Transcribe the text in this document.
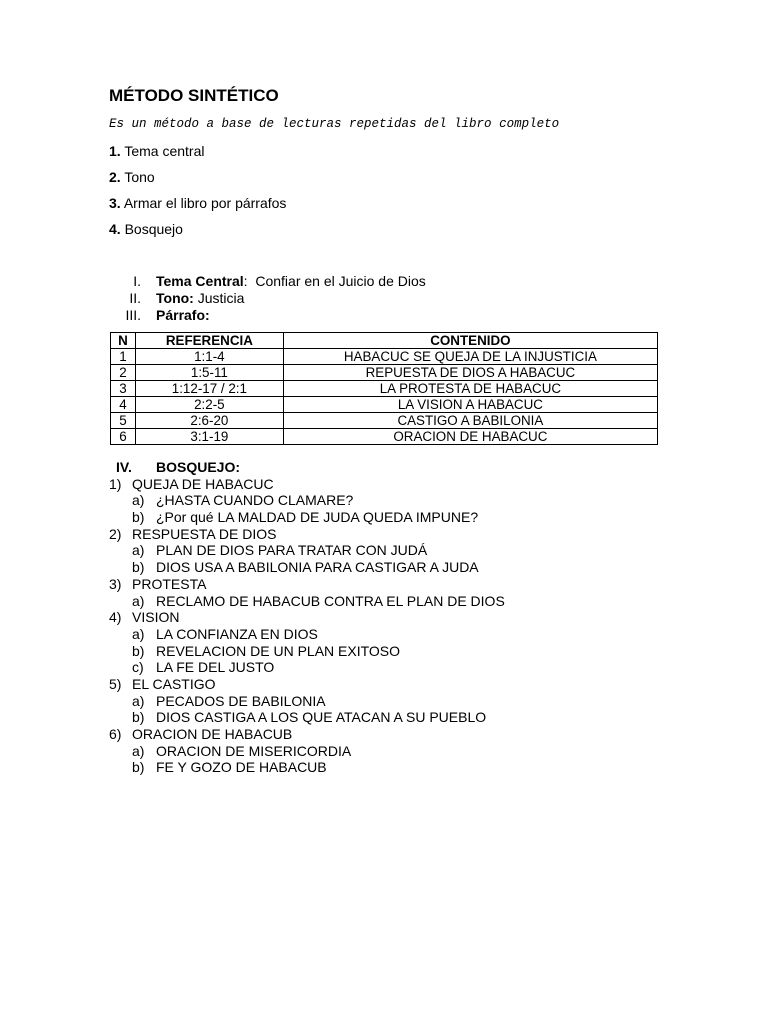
MÉTODO SINTÉTICO
Es un método a base de lecturas repetidas del libro completo
1. Tema central
2. Tono
3. Armar el libro por párrafos
4. Bosquejo
I. Tema Central:  Confiar en el Juicio de Dios
II. Tono: Justicia
III. Párrafo:
N	REFERENCIA	CONTENIDO
1	1:1-4	HABACUC SE QUEJA DE LA INJUSTICIA
2	1:5-11	REPUESTA DE DIOS A HABACUC
3	1:12-17 / 2:1	LA PROTESTA DE HABACUC
4	2:2-5	LA VISION A HABACUC
5	2:6-20	CASTIGO A BABILONIA
6	3:1-19	ORACION DE HABACUC
IV. BOSQUEJO:
1) QUEJA DE HABACUC
a) ¿HASTA CUANDO CLAMARE?
b) ¿Por qué LA MALDAD DE JUDA QUEDA IMPUNE?
2) RESPUESTA DE DIOS
a) PLAN DE DIOS PARA TRATAR CON JUDÁ
b) DIOS USA A BABILONIA PARA CASTIGAR A JUDA
3) PROTESTA
a) RECLAMO DE HABACUB CONTRA EL PLAN DE DIOS
4) VISION
a) LA CONFIANZA EN DIOS
b) REVELACION DE UN PLAN EXITOSO
c) LA FE DEL JUSTO
5) EL CASTIGO
a) PECADOS DE BABILONIA
b) DIOS CASTIGA A LOS QUE ATACAN A SU PUEBLO
6) ORACION DE HABACUB
a) ORACION DE MISERICORDIA
b) FE Y GOZO DE HABACUB
